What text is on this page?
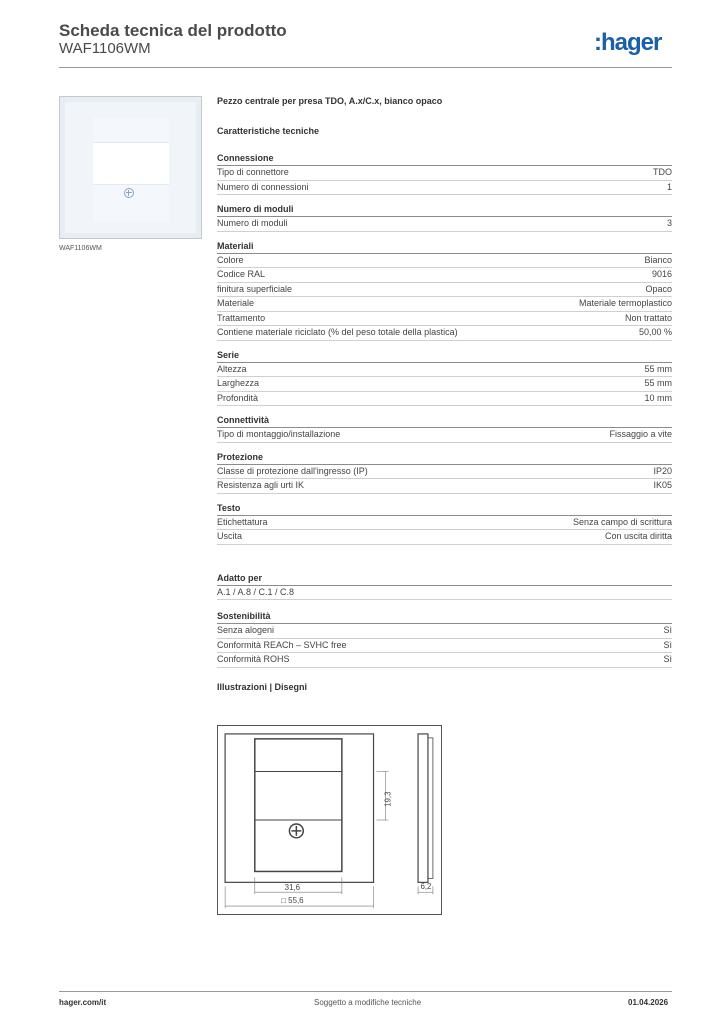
Scheda tecnica del prodotto
WAF1106WM	:hager
WAF1106WM
Pezzo centrale per presa TDO, A.x/C.x, bianco opaco
Caratteristiche tecniche
Connessione
Tipo di connettore	TDO
Numero di connessioni	1
Numero di moduli
Numero di moduli	3
Materiali
Colore	Bianco
Codice RAL	9016
finitura superficiale	Opaco
Materiale	Materiale termoplastico
Trattamento	Non trattato
Contiene materiale riciclato (% del peso totale della plastica)	50,00 %
Serie
Altezza	55 mm
Larghezza	55 mm
Profondità	10 mm
Connettività
Tipo di montaggio/installazione	Fissaggio a vite
Protezione
Classe di protezione dall'ingresso (IP)	IP20
Resistenza agli urti IK	IK05
Testo
Etichettatura	Senza campo di scrittura
Uscita	Con uscita diritta
Adatto per
A.1 / A.8 / C.1 / C.8
Sostenibilità
Senza alogeni	Sì
Conformità REACh – SVHC free	Sì
Conformità ROHS	Sì
Illustrazioni | Disegni
19,3
31,6
□ 55,6
6,2
hager.com/it	Soggetto a modifiche tecniche	01.04.2026
